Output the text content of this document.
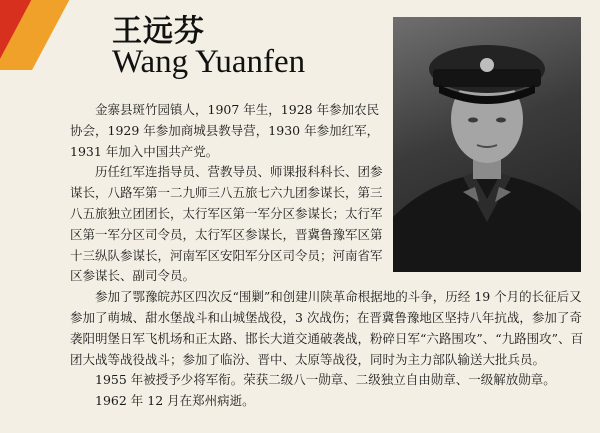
王远芬
Wang Yuanfen

金寨县斑竹园镇人，1907 年生，1928 年参加农民协会，1929 年参加商城县教导营，1930 年参加红军，1931 年加入中国共产党。

历任红军连指导员、营教导员、师课报科科长、团参谋长，八路军第一二九师三八五旅七六九团参谋长，第三八五旅独立团团长，太行军区第一军分区参谋长；太行军区第一军分区司令员，太行军区参谋长，晋冀鲁豫军区第十三纵队参谋长，河南军区安阳军分区司令员；河南省军区参谋长、副司令员。

参加了鄂豫皖苏区四次反“围剿”和创建川陕革命根据地的斗争，历经 19 个月的长征后又参加了萌城、甜水堡战斗和山城堡战役，3 次战伤；在晋冀鲁豫地区坚持八年抗战，参加了奇袭阳明堡日军飞机场和正太路、邯长大道交通破袭战，粉碎日军“六路围攻”、“九路围攻”、百团大战等战役战斗；参加了临汾、晋中、太原等战役，同时为主力部队输送大批兵员。

1955 年被授予少将军衔。荣获二级八一勋章、二级独立自由勋章、一级解放勋章。

1962 年 12 月在郑州病逝。
